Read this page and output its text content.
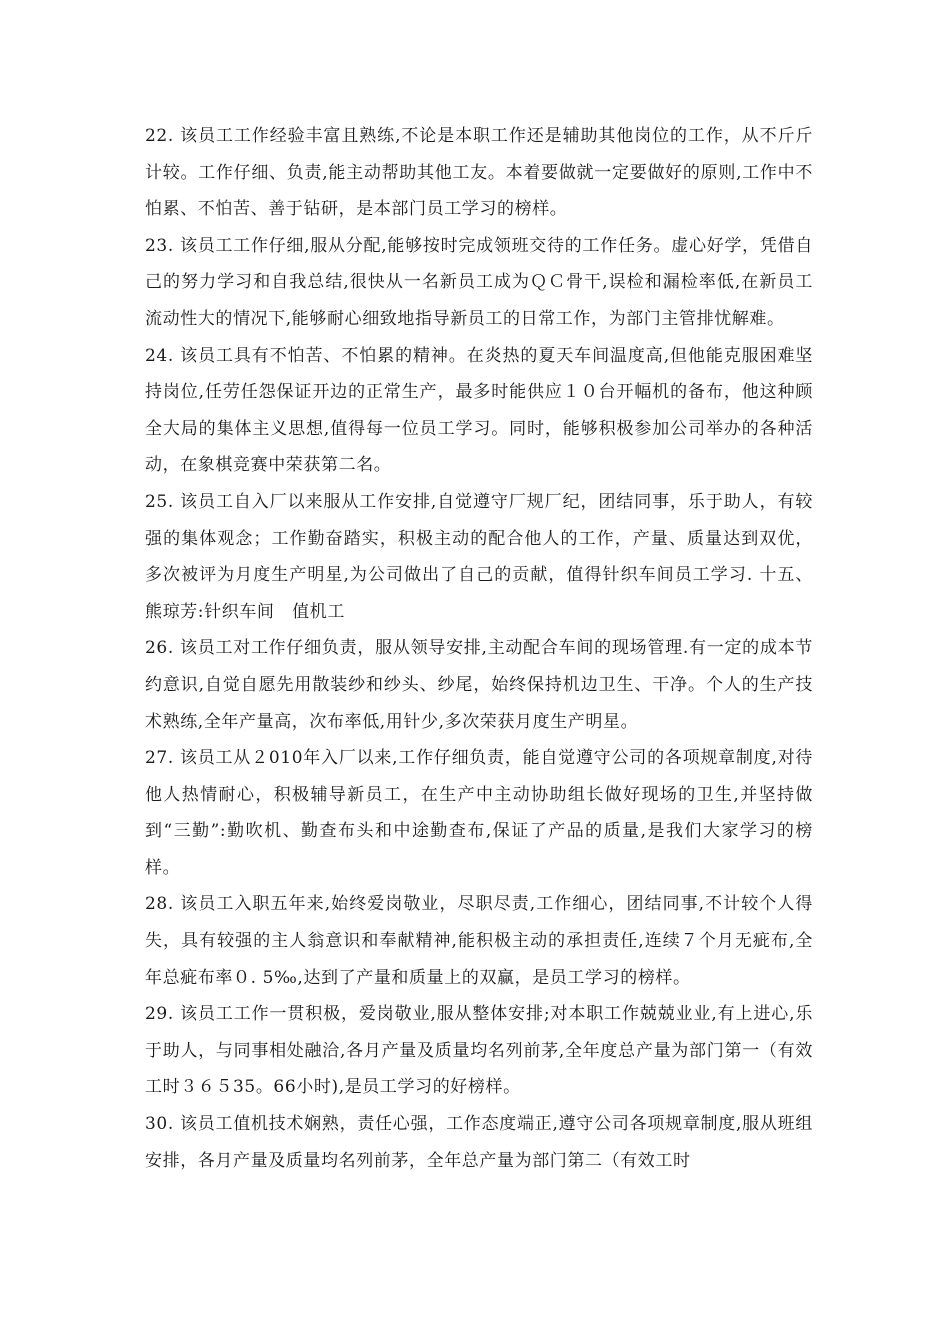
22. 该员工工作经验丰富且熟练,不论是本职工作还是辅助其他岗位的工作，从不斤斤计较。工作仔细、负责,能主动帮助其他工友。本着要做就一定要做好的原则,工作中不怕累、不怕苦、善于钻研，是本部门员工学习的榜样。

23. 该员工工作仔细,服从分配,能够按时完成领班交待的工作任务。虚心好学，凭借自己的努力学习和自我总结,很快从一名新员工成为ＱＣ骨干,误检和漏检率低,在新员工流动性大的情况下,能够耐心细致地指导新员工的日常工作，为部门主管排忧解难。

24. 该员工具有不怕苦、不怕累的精神。在炎热的夏天车间温度高,但他能克服困难坚持岗位,任劳任怨保证开边的正常生产，最多时能供应１０台开幅机的备布，他这种顾全大局的集体主义思想,值得每一位员工学习。同时，能够积极参加公司举办的各种活动，在象棋竞赛中荣获第二名。

25. 该员工自入厂以来服从工作安排,自觉遵守厂规厂纪，团结同事，乐于助人，有较强的集体观念；工作勤奋踏实，积极主动的配合他人的工作，产量、质量达到双优，多次被评为月度生产明星,为公司做出了自己的贡献，值得针织车间员工学习. 十五、熊琼芳:针织车间　值机工

26. 该员工对工作仔细负责，服从领导安排,主动配合车间的现场管理.有一定的成本节约意识,自觉自愿先用散装纱和纱头、纱尾，始终保持机边卫生、干净。个人的生产技术熟练,全年产量高，次布率低,用针少,多次荣获月度生产明星。

27. 该员工从２010年入厂以来,工作仔细负责，能自觉遵守公司的各项规章制度,对待他人热情耐心，积极辅导新员工，在生产中主动协助组长做好现场的卫生,并坚持做到“三勤”:勤吹机、勤查布头和中途勤查布,保证了产品的质量,是我们大家学习的榜样。

28. 该员工入职五年来,始终爱岗敬业，尽职尽责,工作细心，团结同事,不计较个人得失，具有较强的主人翁意识和奉献精神,能积极主动的承担责任,连续７个月无疵布,全年总疵布率０. 5‰,达到了产量和质量上的双赢，是员工学习的榜样。

29. 该员工工作一贯积极，爱岗敬业,服从整体安排;对本职工作兢兢业业,有上进心,乐于助人，与同事相处融洽,各月产量及质量均名列前茅,全年度总产量为部门第一（有效工时３６５35。66小时),是员工学习的好榜样。

30. 该员工值机技术娴熟，责任心强，工作态度端正,遵守公司各项规章制度,服从班组安排，各月产量及质量均名列前茅，全年总产量为部门第二（有效工时
